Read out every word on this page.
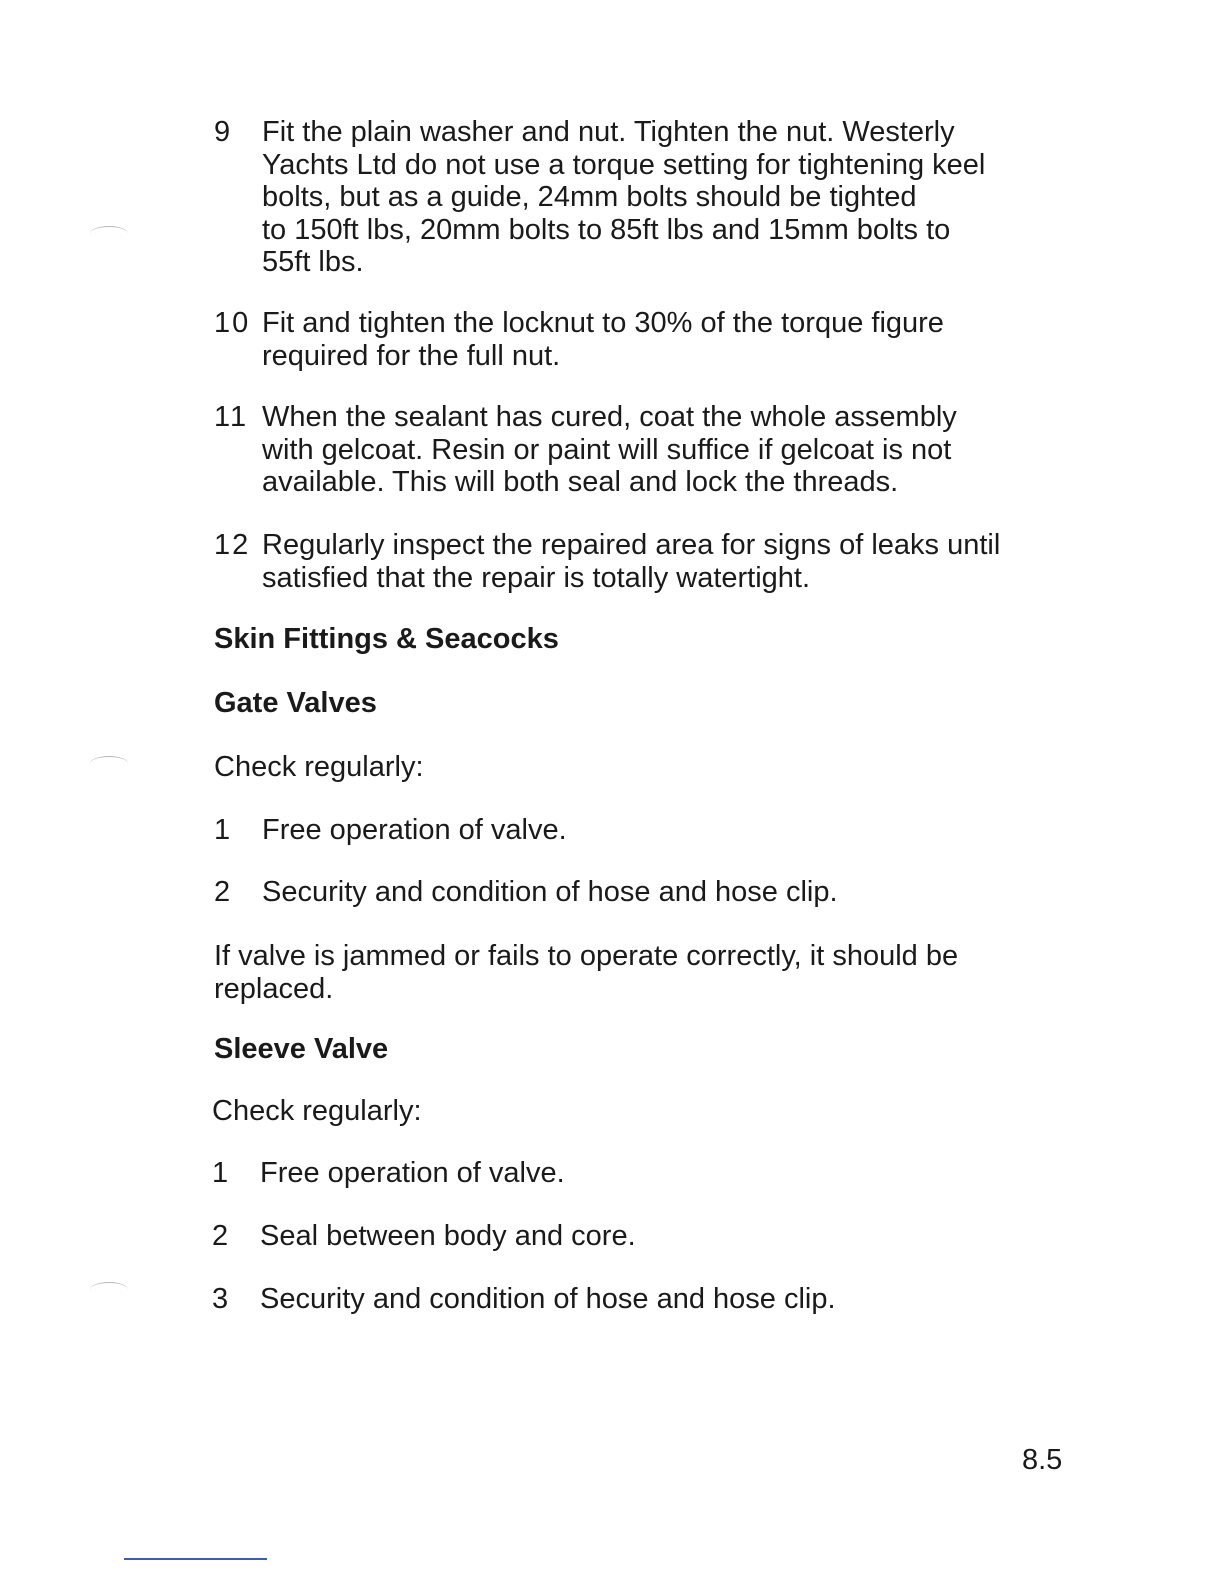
9	Fit the plain washer and nut. Tighten the nut. Westerly
Yachts Ltd do not use a torque setting for tightening keel
bolts, but as a guide, 24mm bolts should be tighted
to 150ft lbs, 20mm bolts to 85ft lbs and 15mm bolts to
55ft lbs.
10 Fit and tighten the locknut to 30% of the torque figure
required for the full nut.
11 When the sealant has cured, coat the whole assembly
with gelcoat. Resin or paint will suffice if gelcoat is not
available. This will both seal and lock the threads.
12 Regularly inspect the repaired area for signs of leaks until
satisfied that the repair is totally watertight.
Skin Fittings & Seacocks
Gate Valves
Check regularly:
1	Free operation of valve.
2	Security and condition of hose and hose clip.
If valve is jammed or fails to operate correctly, it should be
replaced.
Sleeve Valve
Check regularly:
1	Free operation of valve.
2	Seal between body and core.
3	Security and condition of hose and hose clip.
8.5
